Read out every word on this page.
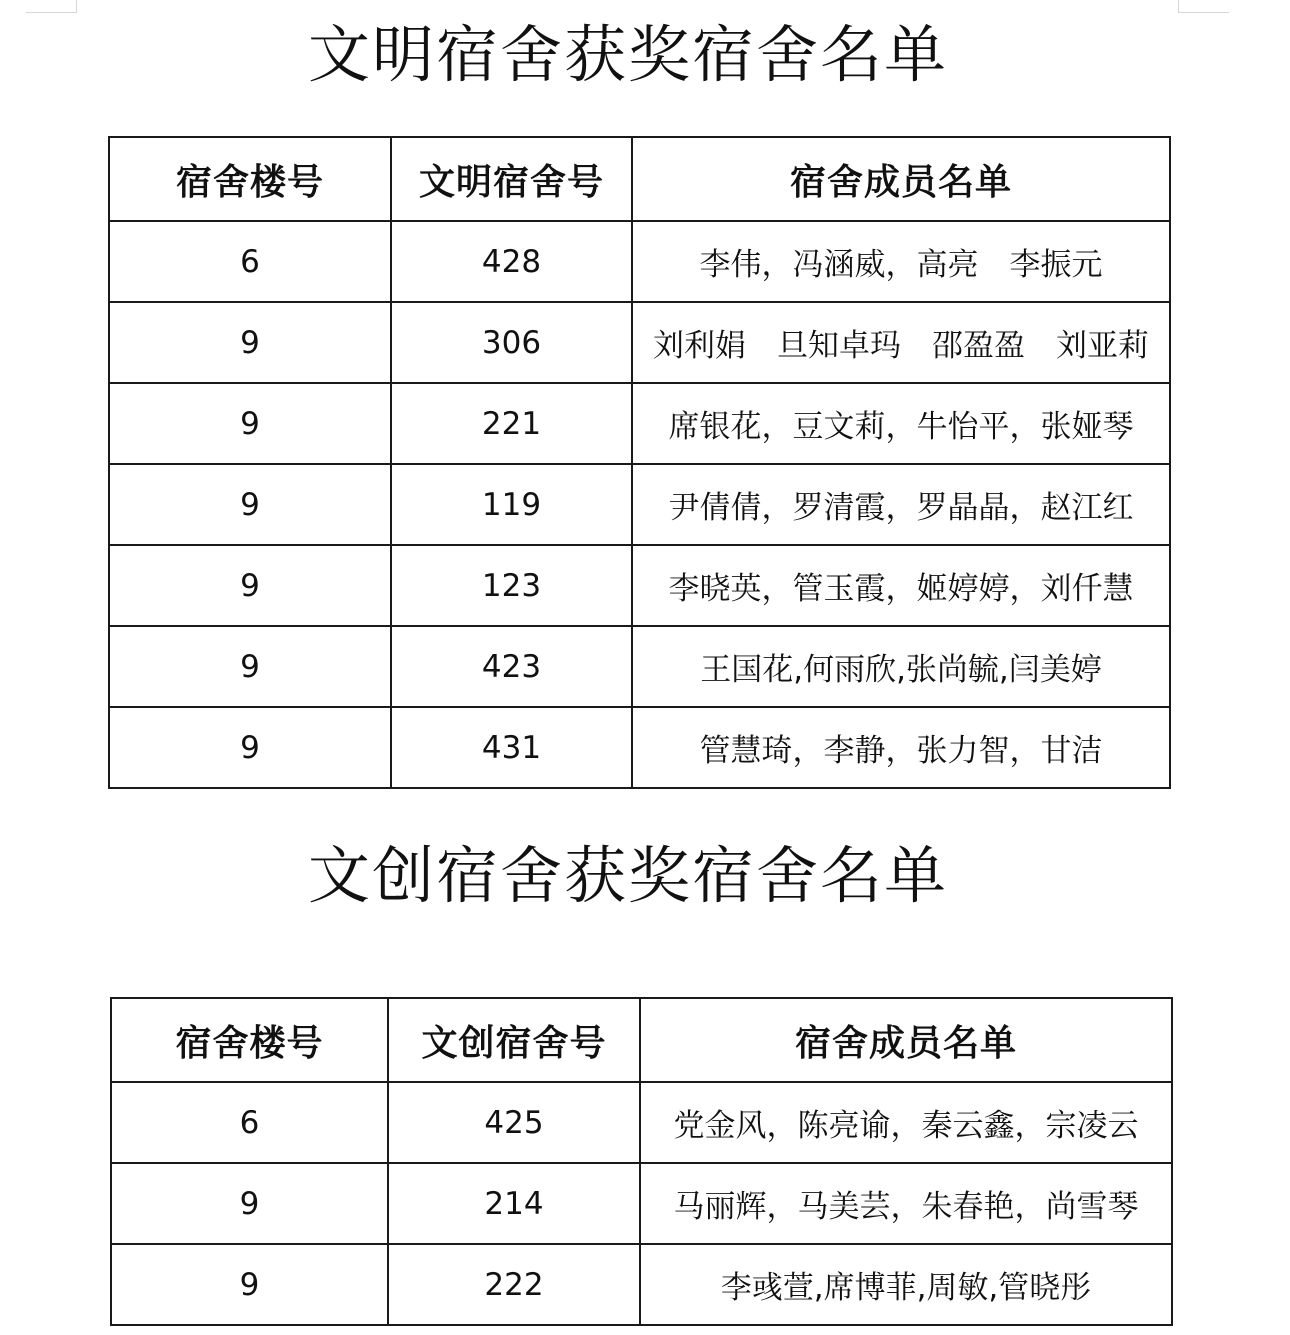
文明宿舍获奖宿舍名单
宿舍楼号	文明宿舍号	宿舍成员名单
6	428	李伟，冯涵威，高亮　李振元
9	306	刘利娟　旦知卓玛　邵盈盈　刘亚莉
9	221	席银花，豆文莉，牛怡平，张娅琴
9	119	尹倩倩，罗清霞，罗晶晶，赵江红
9	123	李晓英，管玉霞，姬婷婷，刘仟慧
9	423	王国花,何雨欣,张尚毓,闫美婷
9	431	管慧琦，李静，张力智，甘洁
文创宿舍获奖宿舍名单
宿舍楼号	文创宿舍号	宿舍成员名单
6	425	党金风，陈亮谕，秦云鑫，宗凌云
9	214	马丽辉，马美芸，朱春艳，尚雪琴
9	222	李彧萱,席博菲,周敏,管晓彤
